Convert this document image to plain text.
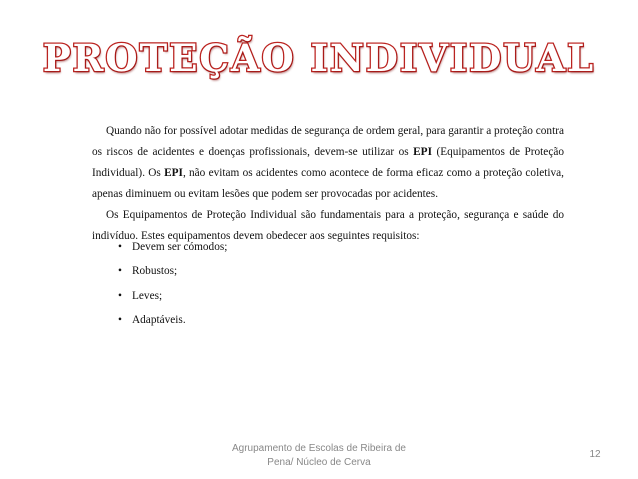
PROTEÇÃO INDIVIDUAL

Quando não for possível adotar medidas de segurança de ordem geral, para garantir a proteção contra os riscos de acidentes e doenças profissionais, devem-se utilizar os EPI (Equipamentos de Proteção Individual). Os EPI, não evitam os acidentes como acontece de forma eficaz como a proteção coletiva, apenas diminuem ou evitam lesões que podem ser provocadas por acidentes.

Os Equipamentos de Proteção Individual são fundamentais para a proteção, segurança e saúde do indivíduo. Estes equipamentos devem obedecer aos seguintes requisitos:

• Devem ser cómodos;
• Robustos;
• Leves;
• Adaptáveis.
Agrupamento de Escolas de Ribeira de Pena/ Núcleo de Cerva
12
